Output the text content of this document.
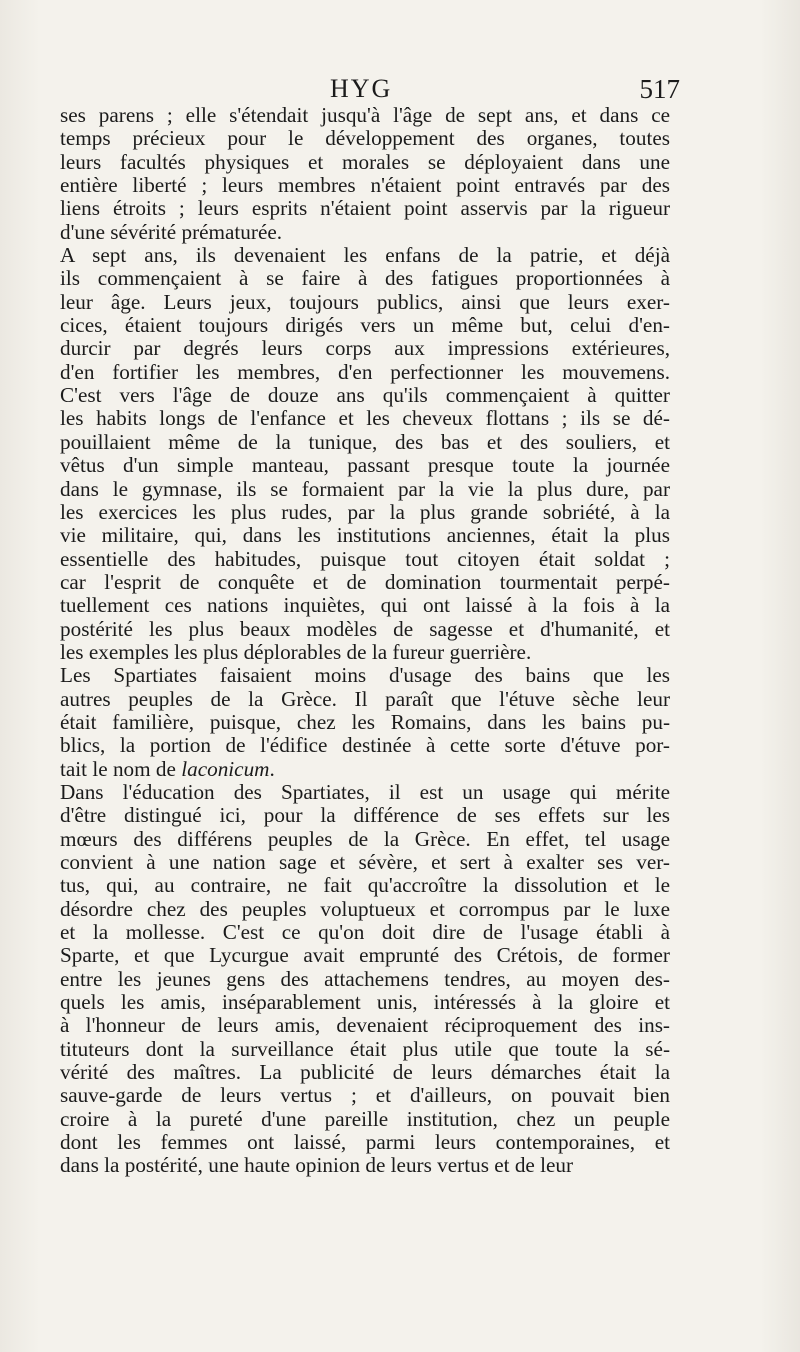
HYG	517
ses parens ; elle s'étendait jusqu'à l'âge de sept ans, et dans ce
temps précieux pour le développement des organes, toutes
leurs facultés physiques et morales se déployaient dans une
entière liberté ; leurs membres n'étaient point entravés par des
liens étroits ; leurs esprits n'étaient point asservis par la rigueur
d'une sévérité prématurée.
A sept ans, ils devenaient les enfans de la patrie, et déjà
ils commençaient à se faire à des fatigues proportionnées à
leur âge. Leurs jeux, toujours publics, ainsi que leurs exer-
cices, étaient toujours dirigés vers un même but, celui d'en-
durcir par degrés leurs corps aux impressions extérieures,
d'en fortifier les membres, d'en perfectionner les mouvemens.
C'est vers l'âge de douze ans qu'ils commençaient à quitter
les habits longs de l'enfance et les cheveux flottans ; ils se dé-
pouillaient même de la tunique, des bas et des souliers, et
vêtus d'un simple manteau, passant presque toute la journée
dans le gymnase, ils se formaient par la vie la plus dure, par
les exercices les plus rudes, par la plus grande sobriété, à la
vie militaire, qui, dans les institutions anciennes, était la plus
essentielle des habitudes, puisque tout citoyen était soldat ;
car l'esprit de conquête et de domination tourmentait perpé-
tuellement ces nations inquiètes, qui ont laissé à la fois à la
postérité les plus beaux modèles de sagesse et d'humanité, et
les exemples les plus déplorables de la fureur guerrière.
Les Spartiates faisaient moins d'usage des bains que les
autres peuples de la Grèce. Il paraît que l'étuve sèche leur
était familière, puisque, chez les Romains, dans les bains pu-
blics, la portion de l'édifice destinée à cette sorte d'étuve por-
tait le nom de laconicum.
Dans l'éducation des Spartiates, il est un usage qui mérite
d'être distingué ici, pour la différence de ses effets sur les
mœurs des différens peuples de la Grèce. En effet, tel usage
convient à une nation sage et sévère, et sert à exalter ses ver-
tus, qui, au contraire, ne fait qu'accroître la dissolution et le
désordre chez des peuples voluptueux et corrompus par le luxe
et la mollesse. C'est ce qu'on doit dire de l'usage établi à
Sparte, et que Lycurgue avait emprunté des Crétois, de former
entre les jeunes gens des attachemens tendres, au moyen des-
quels les amis, inséparablement unis, intéressés à la gloire et
à l'honneur de leurs amis, devenaient réciproquement des ins-
tituteurs dont la surveillance était plus utile que toute la sé-
vérité des maîtres. La publicité de leurs démarches était la
sauve-garde de leurs vertus ; et d'ailleurs, on pouvait bien
croire à la pureté d'une pareille institution, chez un peuple
dont les femmes ont laissé, parmi leurs contemporaines, et
dans la postérité, une haute opinion de leurs vertus et de leur
